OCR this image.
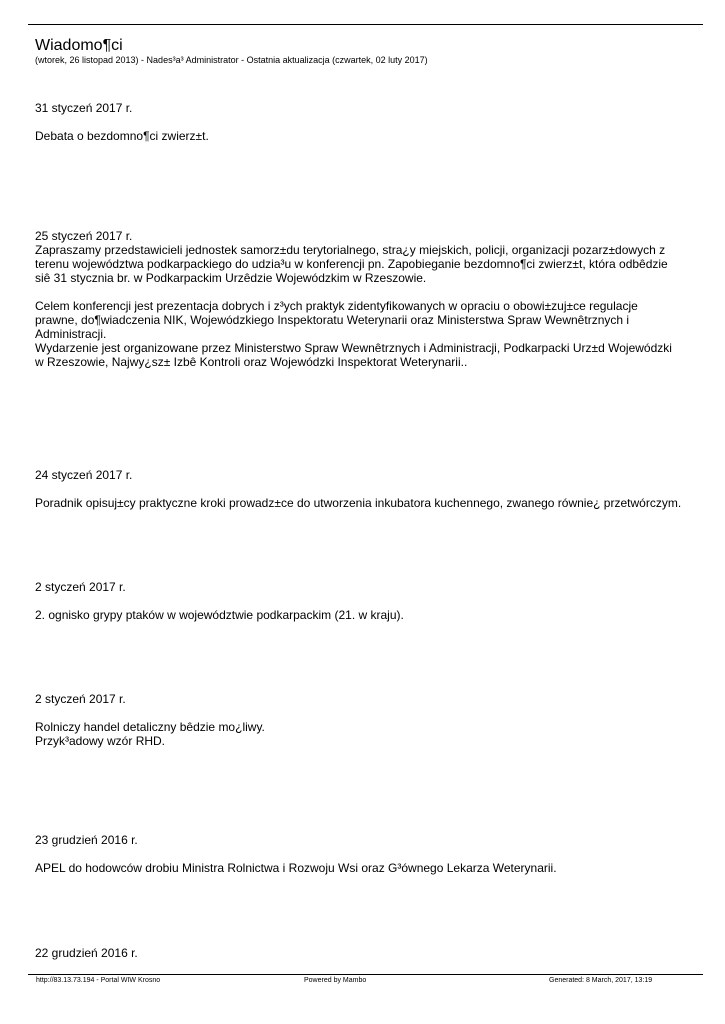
Wiadomo¶ci
(wtorek, 26 listopad 2013) - Nades³a³ Administrator - Ostatnia aktualizacja (czwartek, 02 luty 2017)
31 styczeń 2017 r.
Debata o bezdomno¶ci zwierz±t.
25 styczeń 2017 r.
Zapraszamy przedstawicieli jednostek samorz±du terytorialnego, stra¿y miejskich, policji, organizacji pozarz±dowych z
terenu województwa podkarpackiego do udzia³u w konferencji pn. Zapobieganie bezdomno¶ci zwierz±t, która odbêdzie
siê 31 stycznia br. w Podkarpackim Urzêdzie Wojewódzkim w Rzeszowie.
Celem konferencji jest prezentacja dobrych i z³ych praktyk zidentyfikowanych w opraciu o obowi±zuj±ce regulacje
prawne, do¶wiadczenia NIK, Wojewódzkiego Inspektoratu Weterynarii oraz Ministerstwa Spraw Wewnêtrznych i
Administracji.
Wydarzenie jest organizowane przez Ministerstwo Spraw Wewnêtrznych i Administracji, Podkarpacki Urz±d Wojewódzki
w Rzeszowie, Najwy¿sz± Izbê Kontroli oraz Wojewódzki Inspektorat Weterynarii..
24 styczeń 2017 r.
Poradnik opisuj±cy praktyczne kroki prowadz±ce do utworzenia inkubatora kuchennego, zwanego równie¿ przetwórczym.
2 styczeń 2017 r.
2. ognisko grypy ptaków w województwie podkarpackim (21. w kraju).
2 styczeń 2017 r.
Rolniczy handel detaliczny bêdzie mo¿liwy.
Przyk³adowy wzór RHD.
23 grudzień 2016 r.
APEL do hodowców drobiu Ministra Rolnictwa i Rozwoju Wsi oraz G³ównego Lekarza Weterynarii.
22 grudzień 2016 r.
http://83.13.73.194 - Portal WIW Krosno	Powered by Mambo	Generated: 8 March, 2017, 13:19
